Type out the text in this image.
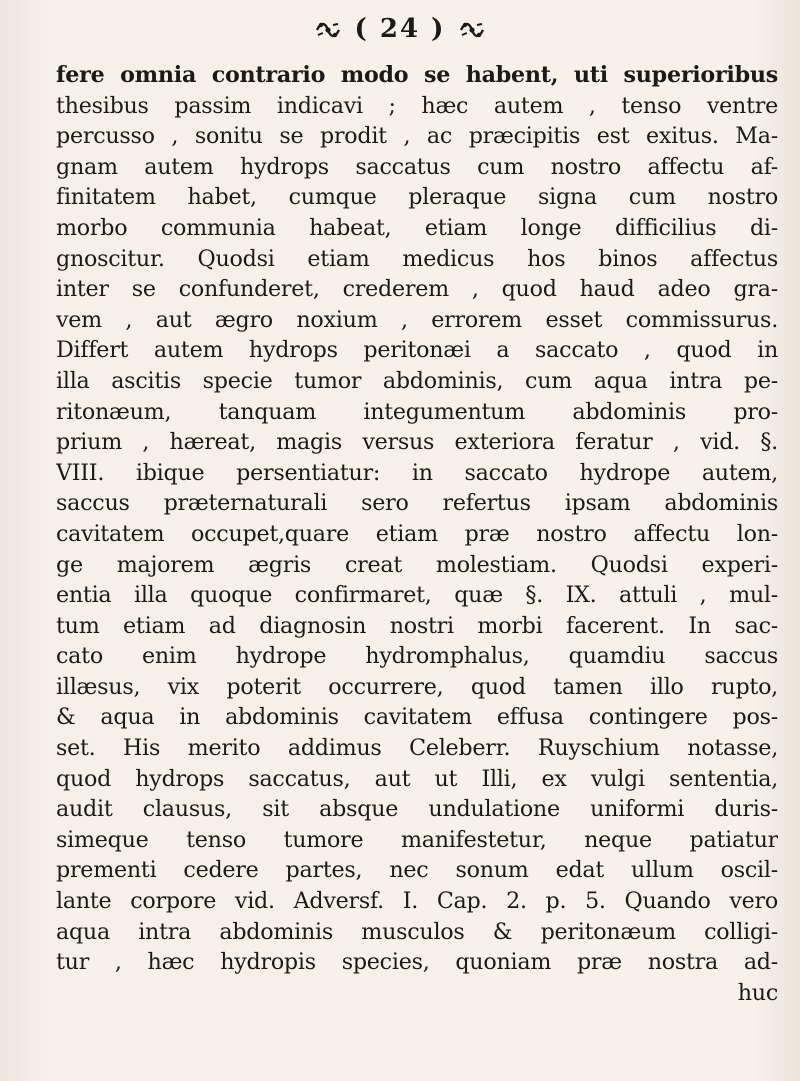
( 24 )
fere omnia contrario modo se habent, uti superioribus
thesibus passim indicavi ; hæc autem , tenso ventre
percusso , sonitu se prodit , ac præcipitis est exitus. Ma-
gnam autem hydrops saccatus cum nostro affectu af-
finitatem habet, cumque pleraque signa cum nostro
morbo communia habeat, etiam longe difficilius di-
gnoscitur. Quodsi etiam medicus hos binos affectus
inter se confunderet, crederem , quod haud adeo gra-
vem , aut ægro noxium , errorem esset commissurus.
Differt autem hydrops peritonæi a saccato , quod in
illa ascitis specie tumor abdominis, cum aqua intra pe-
ritonæum, tanquam integumentum abdominis pro-
prium , hæreat, magis versus exteriora feratur , vid. §.
VIII. ibique persentiatur: in saccato hydrope autem,
saccus præternaturali sero refertus ipsam abdominis
cavitatem occupet,quare etiam præ nostro affectu lon-
ge majorem ægris creat molestiam. Quodsi experi-
entia illa quoque confirmaret, quæ §. IX. attuli , mul-
tum etiam ad diagnosin nostri morbi facerent. In sac-
cato enim hydrope hydromphalus, quamdiu saccus
illæsus, vix poterit occurrere, quod tamen illo rupto,
& aqua in abdominis cavitatem effusa contingere pos-
set. His merito addimus Celeberr. Ruyschium notasse,
quod hydrops saccatus, aut ut Illi, ex vulgi sententia,
audit clausus, sit absque undulatione uniformi duris-
simeque tenso tumore manifestetur, neque patiatur
prementi cedere partes, nec sonum edat ullum oscil-
lante corpore vid. Adversf. I. Cap. 2. p. 5. Quando vero
aqua intra abdominis musculos & peritonæum colligi-
tur , hæc hydropis species, quoniam præ nostra ad-
huc
